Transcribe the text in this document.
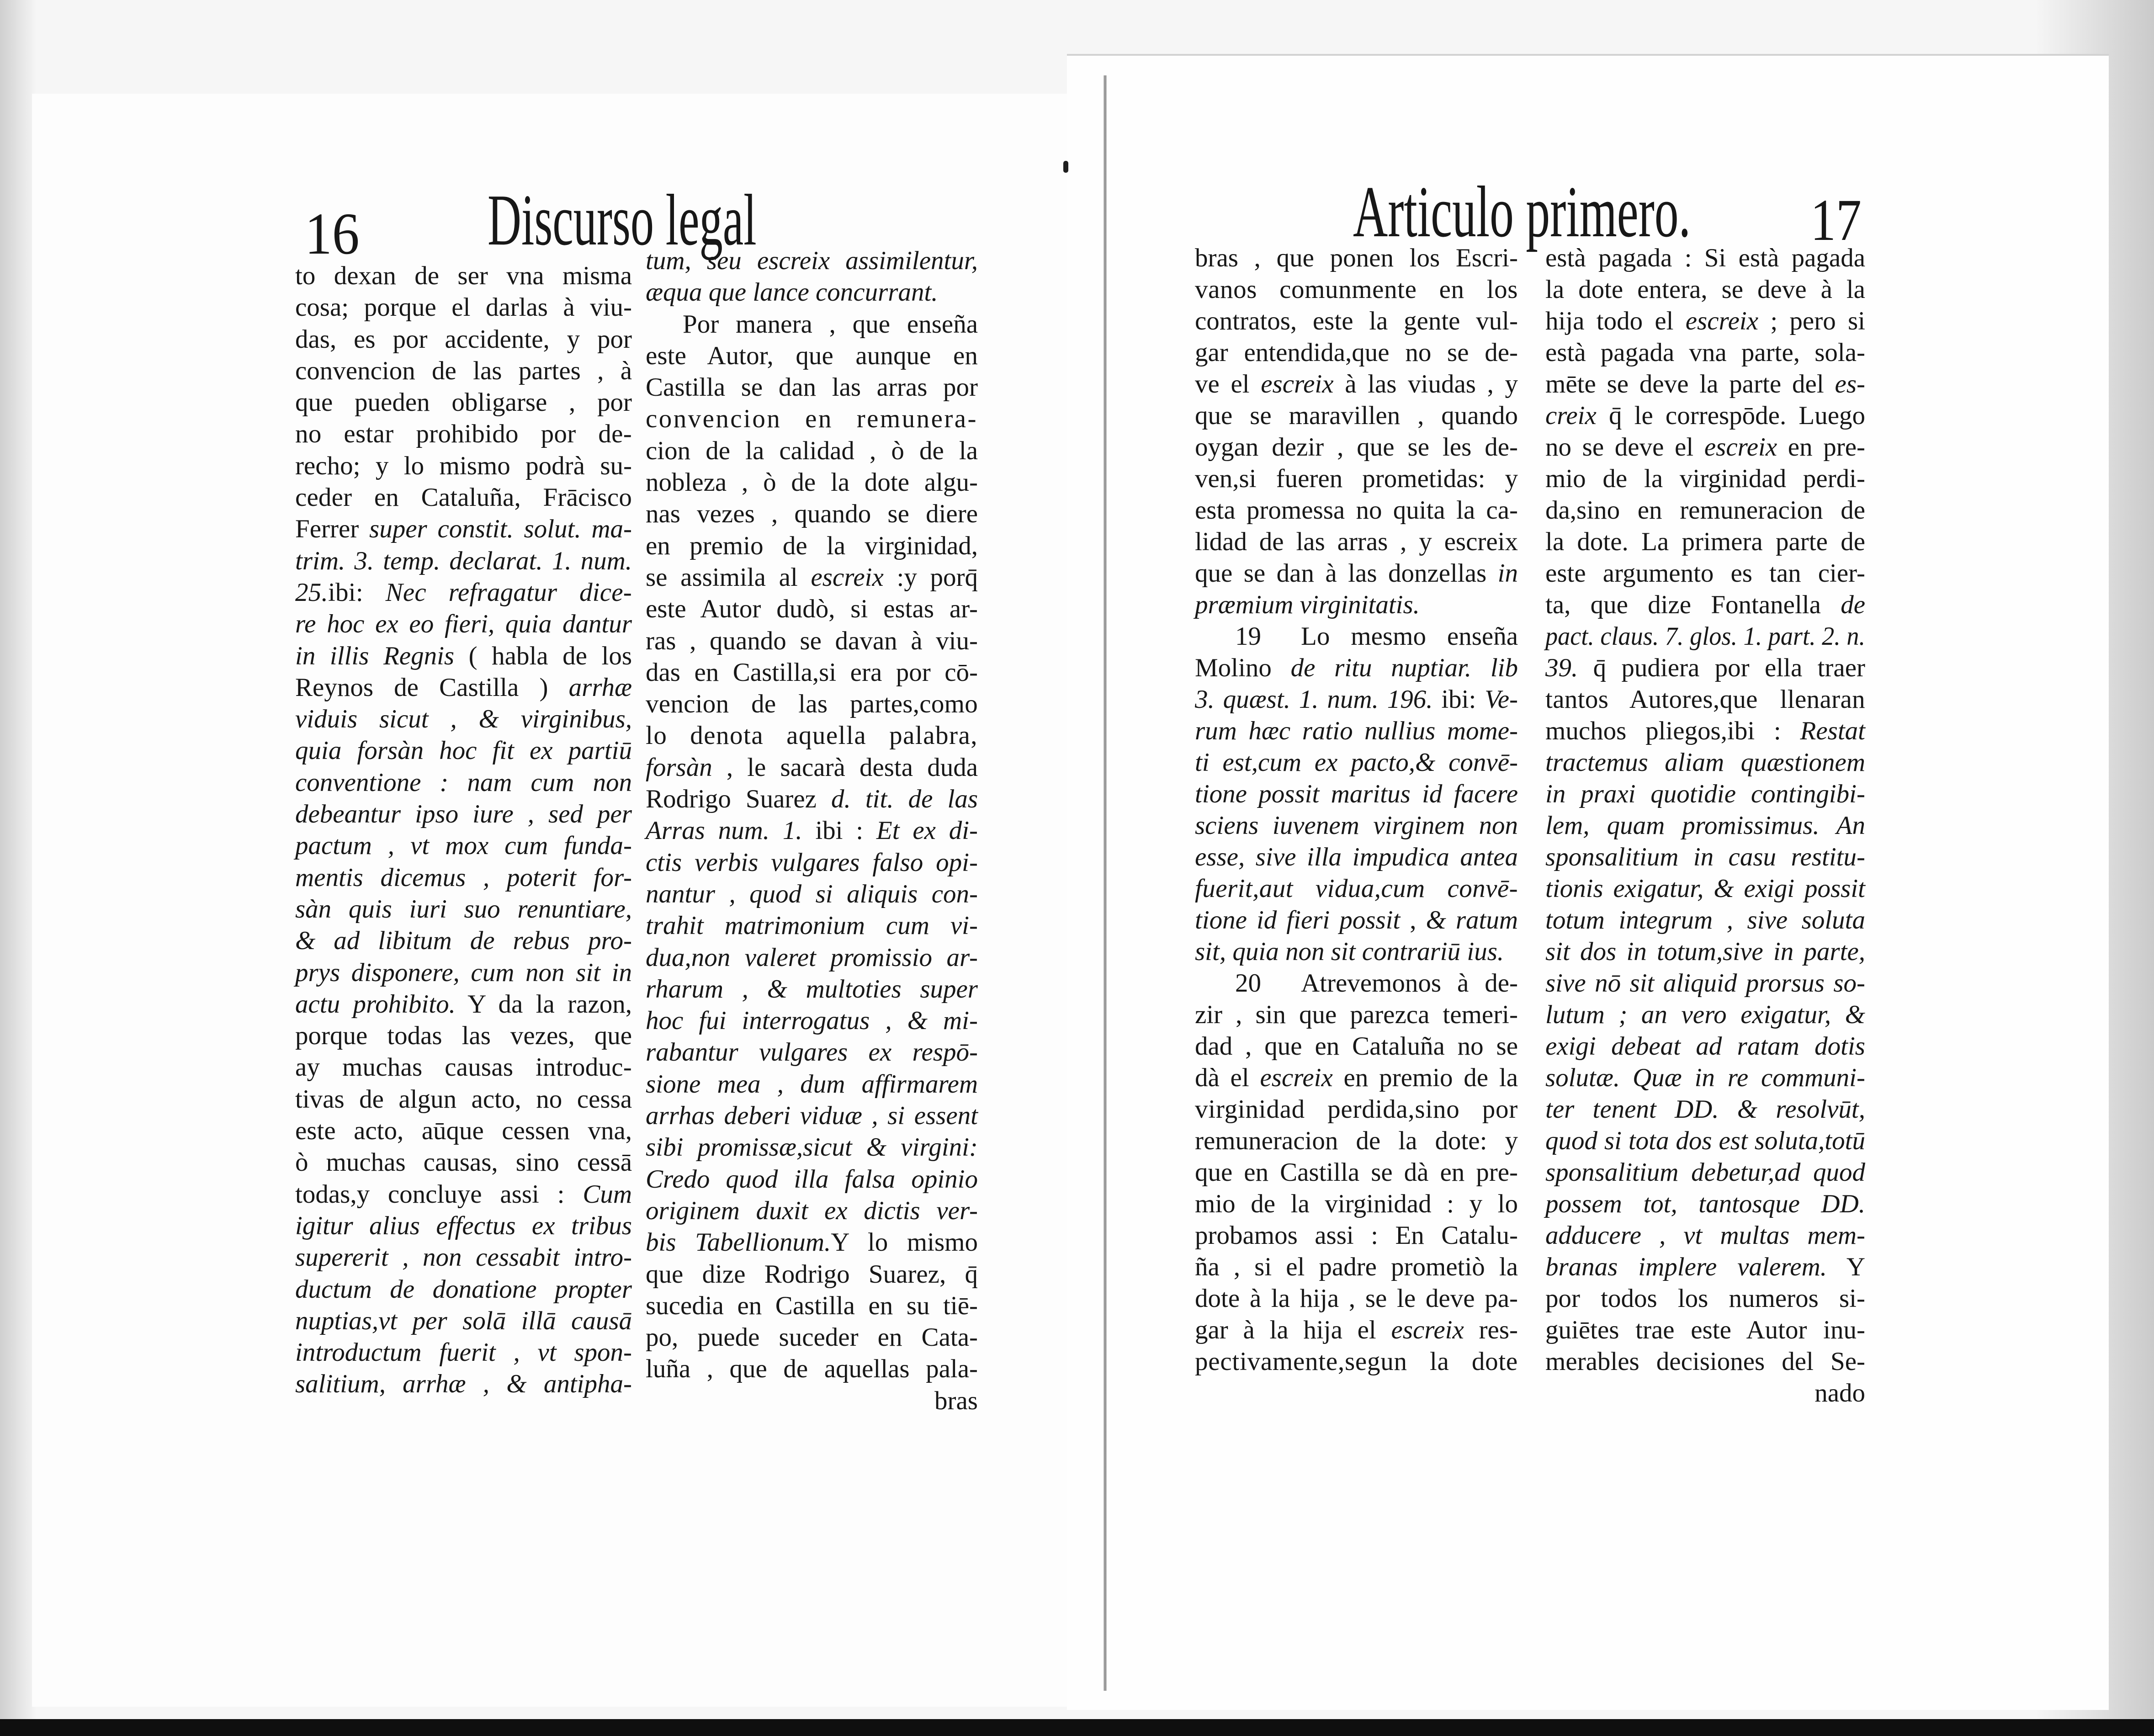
16 Discurso legal	Articulo primero. 17
to dexan de ser vna misma
cosa; porque el darlas à viu-
das, es por accidente, y por
convencion de las partes , à
que pueden obligarse , por
no estar prohibido por de-
recho; y lo mismo podrà su-
ceder en Cataluña, Frācisco
Ferrer super constit. solut. ma-
trim. 3. temp. declarat. 1. num.
25.ibi: Nec refragatur dice-
re hoc ex eo fieri, quia dantur
in illis Regnis ( habla de los
Reynos de Castilla ) arrhæ
viduis sicut , & virginibus,
quia forsàn hoc fit ex partiū
conventione : nam cum non
debeantur ipso iure , sed per
pactum , vt mox cum funda-
mentis dicemus , poterit for-
sàn quis iuri suo renuntiare,
& ad libitum de rebus pro-
prys disponere, cum non sit in
actu prohibito. Y da la razon,
porque todas las vezes, que
ay muchas causas introduc-
tivas de algun acto, no cessa
este acto, aūque cessen vna,
ò muchas causas, sino cessā
todas,y concluye assi : Cum
igitur alius effectus ex tribus
supererit , non cessabit intro-
ductum de donatione propter
nuptias,vt per solā illā causā
introductum fuerit , vt spon-
salitium, arrhæ , & antipha-
tum, seu escreix assimilentur,
æqua que lance concurrant.
Por manera , que enseña
este Autor, que aunque en
Castilla se dan las arras por
convencion en remunera-
cion de la calidad , ò de la
nobleza , ò de la dote algu-
nas vezes , quando se diere
en premio de la virginidad,
se assimila al escreix :y porq̄
este Autor dudò, si estas ar-
ras , quando se davan à viu-
das en Castilla,si era por cō-
vencion de las partes,como
lo denota aquella palabra,
forsàn , le sacarà desta duda
Rodrigo Suarez d. tit. de las
Arras num. 1. ibi : Et ex di-
ctis verbis vulgares falso opi-
nantur , quod si aliquis con-
trahit matrimonium cum vi-
dua,non valeret promissio ar-
rharum , & multoties super
hoc fui interrogatus , & mi-
rabantur vulgares ex respō-
sione mea , dum affirmarem
arrhas deberi viduæ , si essent
sibi promissæ,sicut & virgini:
Credo quod illa falsa opinio
originem duxit ex dictis ver-
bis Tabellionum.Y lo mismo
que dize Rodrigo Suarez, q̄
sucedia en Castilla en su tiē-
po, puede suceder en Cata-
luña , que de aquellas pala-
bras
bras , que ponen los Escri-
vanos comunmente en los
contratos, este la gente vul-
gar entendida,que no se de-
ve el escreix à las viudas , y
que se maravillen , quando
oygan dezir , que se les de-
ven,si fueren prometidas: y
esta promessa no quita la ca-
lidad de las arras , y escreix
que se dan à las donzellas in
præmium virginitatis.
19 Lo mesmo enseña
Molino de ritu nuptiar. lib
3. quæst. 1. num. 196. ibi: Ve-
rum hæc ratio nullius mome-
ti est,cum ex pacto,& convē-
tione possit maritus id facere
sciens iuvenem virginem non
esse, sive illa impudica antea
fuerit,aut vidua,cum convē-
tione id fieri possit , & ratum
sit, quia non sit contrariū ius.
20 Atrevemonos à de-
zir , sin que parezca temeri-
dad , que en Cataluña no se
dà el escreix en premio de la
virginidad perdida,sino por
remuneracion de la dote: y
que en Castilla se dà en pre-
mio de la virginidad : y lo
probamos assi : En Catalu-
ña , si el padre prometiò la
dote à la hija , se le deve pa-
gar à la hija el escreix res-
pectivamente,segun la dote
està pagada : Si està pagada
la dote entera, se deve à la
hija todo el escreix ; pero si
està pagada vna parte, sola-
mēte se deve la parte del es-
creix q̄ le correspōde. Luego
no se deve el escreix en pre-
mio de la virginidad perdi-
da,sino en remuneracion de
la dote. La primera parte de
este argumento es tan cier-
ta, que dize Fontanella de
pact. claus. 7. glos. 1. part. 2. n.
39. q̄ pudiera por ella traer
tantos Autores,que llenaran
muchos pliegos,ibi : Restat
tractemus aliam quæstionem
in praxi quotidie contingibi-
lem, quam promissimus. An
sponsalitium in casu restitu-
tionis exigatur, & exigi possit
totum integrum , sive soluta
sit dos in totum,sive in parte,
sive nō sit aliquid prorsus so-
lutum ; an vero exigatur, &
exigi debeat ad ratam dotis
solutæ. Quæ in re communi-
ter tenent DD. & resolvūt,
quod si tota dos est soluta,totū
sponsalitium debetur,ad quod
possem tot, tantosque DD.
adducere , vt multas mem-
branas implere valerem. Y
por todos los numeros si-
guiētes trae este Autor inu-
merables decisiones del Se-
nado
